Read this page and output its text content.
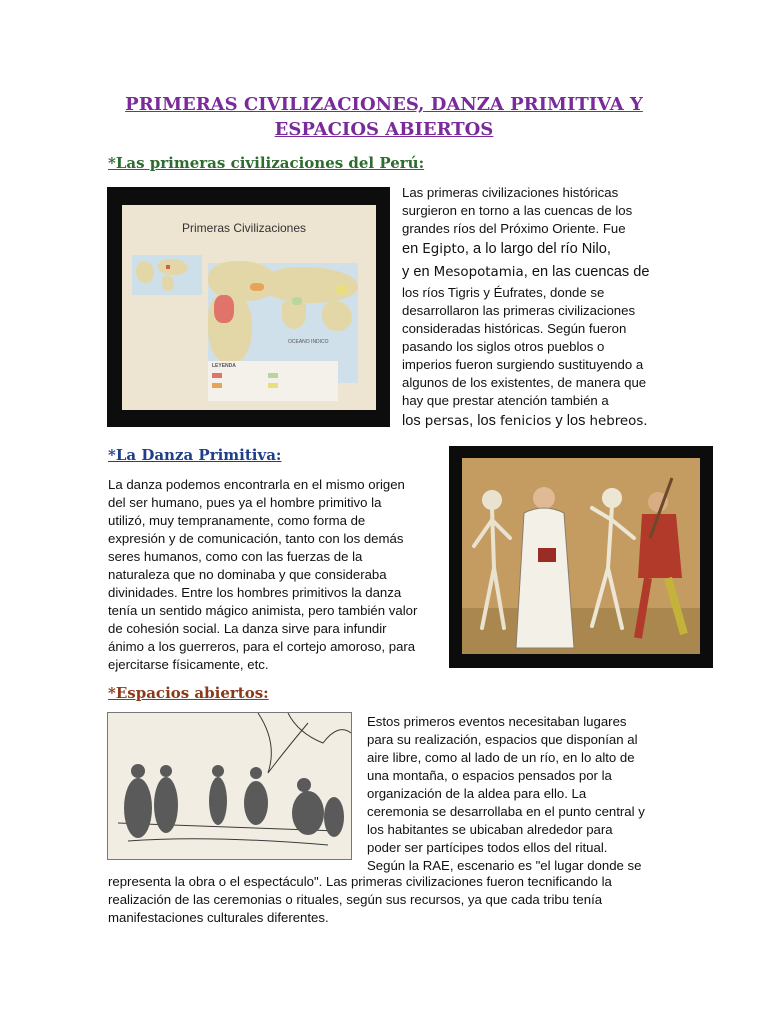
PRIMERAS CIVILIZACIONES, DANZA PRIMITIVA Y
ESPACIOS ABIERTOS
*Las primeras civilizaciones del Perú:
Primeras Civilizaciones
OCEANO INDICO
LEYENDA
Las primeras civilizaciones históricas
surgieron en torno a las cuencas de los
grandes ríos del Próximo Oriente. Fue
en Egipto, a lo largo del río Nilo,
y en Mesopotamia, en las cuencas de
los ríos Tigris y Éufrates, donde se
desarrollaron las primeras civilizaciones
consideradas históricas. Según fueron
pasando los siglos otros pueblos o
imperios fueron surgiendo sustituyendo a
algunos de los existentes, de manera que
hay que prestar atención también a
los persas, los fenicios y los hebreos.
*La Danza Primitiva:
La danza podemos encontrarla en el mismo origen
del ser humano, pues ya el hombre primitivo la
utilizó, muy tempranamente, como forma de
expresión y de comunicación, tanto con los demás
seres humanos, como con las fuerzas de la
naturaleza que no dominaba y que consideraba
divinidades. Entre los hombres primitivos la danza
tenía un sentido mágico animista, pero también valor
de cohesión social. La danza sirve para infundir
ánimo a los guerreros, para el cortejo amoroso, para
ejercitarse físicamente, etc.
*Espacios abiertos:
Estos primeros eventos necesitaban lugares
para su realización, espacios que disponían al
aire libre, como al lado de un río, en lo alto de
una montaña, o espacios pensados por la
organización de la aldea para ello. La
ceremonia se desarrollaba en el punto central y
los habitantes se ubicaban alrededor para
poder ser partícipes todos ellos del ritual.
Según la RAE, escenario es "el lugar donde se
representa la obra o el espectáculo". Las primeras civilizaciones fueron tecnificando la
realización de las ceremonias o rituales, según sus recursos, ya que cada tribu tenía
manifestaciones culturales diferentes.
